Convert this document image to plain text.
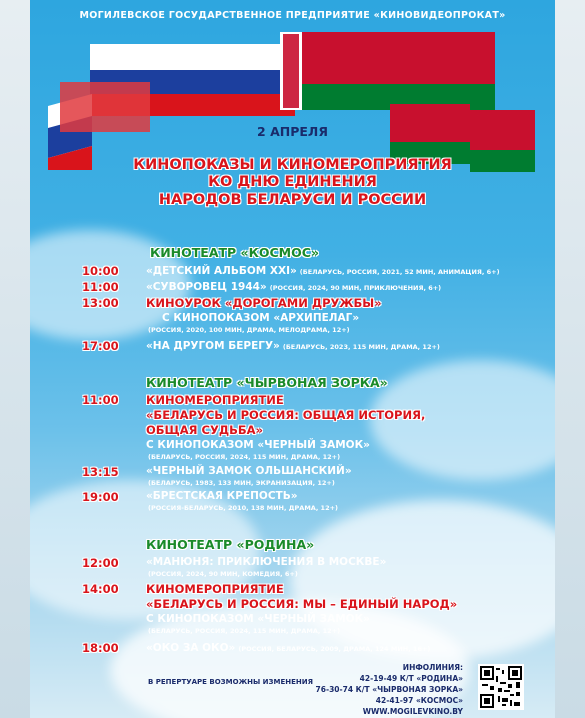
МОГИЛЕВСКОЕ ГОСУДАРСТВЕННОЕ ПРЕДПРИЯТИЕ «КИНОВИДЕОПРОКАТ»
2 АПРЕЛЯ
КИНОПОКАЗЫ И КИНОМЕРОПРИЯТИЯ
КО ДНЮ ЕДИНЕНИЯ
НАРОДОВ БЕЛАРУСИ И РОССИИ
КИНОТЕАТР «КОСМОС»
10:00	«ДЕТСКИЙ АЛЬБОМ XXI» (БЕЛАРУСЬ, РОССИЯ, 2021, 52 МИН, АНИМАЦИЯ, 6+)
11:00	«СУВОРОВЕЦ 1944» (РОССИЯ, 2024, 90 МИН, ПРИКЛЮЧЕНИЯ, 6+)
13:00 КИНОУРОК «ДОРОГАМИ ДРУЖБЫ»
С КИНОПОКАЗОМ «АРХИПЕЛАГ»
(РОССИЯ, 2020, 100 МИН, ДРАМА, МЕЛОДРАМА, 12+)
17:00	«НА ДРУГОМ БЕРЕГУ» (БЕЛАРУСЬ, 2023, 115 МИН, ДРАМА, 12+)
КИНОТЕАТР «ЧЫРВОНАЯ ЗОРКА»
11:00 КИНОМЕРОПРИЯТИЕ
«БЕЛАРУСЬ И РОССИЯ: ОБЩАЯ ИСТОРИЯ,
ОБЩАЯ СУДЬБА»
С КИНОПОКАЗОМ «ЧЕРНЫЙ ЗАМОК»
(БЕЛАРУСЬ, РОССИЯ, 2024, 115 МИН, ДРАМА, 12+)
13:15	«ЧЕРНЫЙ ЗАМОК ОЛЬШАНСКИЙ»
(БЕЛАРУСЬ, 1983, 133 МИН, ЭКРАНИЗАЦИЯ, 12+)
19:00	«БРЕСТСКАЯ КРЕПОСТЬ»
(РОССИЯ-БЕЛАРУСЬ, 2010, 138 МИН, ДРАМА, 12+)
КИНОТЕАТР «РОДИНА»
12:00	«МАНЮНЯ: ПРИКЛЮЧЕНИЯ В МОСКВЕ»
(РОССИЯ, 2024, 90 МИН, КОМЕДИЯ, 6+)
14:00 КИНОМЕРОПРИЯТИЕ
«БЕЛАРУСЬ И РОССИЯ: МЫ – ЕДИНЫЙ НАРОД»
С КИНОПОКАЗОМ «ЧЕРНЫЙ ЗАМОК»
(БЕЛАРУСЬ, РОССИЯ, 2024, 115 МИН, ДРАМА, 12+)
18:00	«ОКО ЗА ОКО» (РОССИЯ, БЕЛАРУСЬ, 2009, ДРАМА, 124 МИН, 16+)
В РЕПЕРТУАРЕ ВОЗМОЖНЫ ИЗМЕНЕНИЯ
ИНФОЛИНИЯ:
42-19-49 К/Т «РОДИНА»
76-30-74 К/Т «ЧЫРВОНАЯ ЗОРКА»
42-41-97 «КОСМОС»
WWW.MOGILEVKINO.BY
